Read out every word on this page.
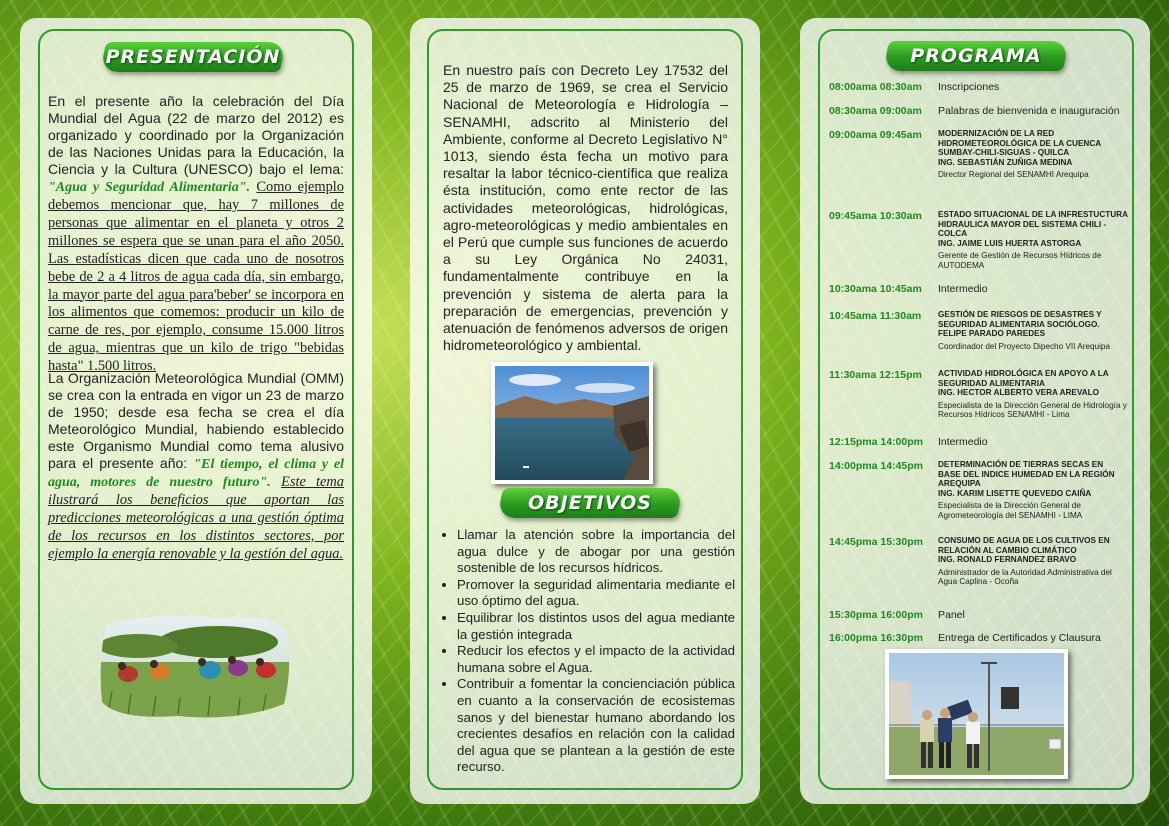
PRESENTACIÓN
En el presente año la celebración del Día Mundial del Agua (22 de marzo del 2012) es organizado y coordinado por la Organización de las Naciones Unidas para la Educación, la Ciencia y la Cultura (UNESCO) bajo el lema: "Agua y Seguridad Alimentaria". Como ejemplo debemos mencionar que, hay 7 millones de personas que alimentar en el planeta y otros 2 millones se espera que se unan para el año 2050. Las estadísticas dicen que cada uno de nosotros bebe de 2 a 4 litros de agua cada día, sin embargo, la mayor parte del agua para'beber' se incorpora en los alimentos que comemos: producir un kilo de carne de res, por ejemplo, consume 15.000 litros de agua, mientras que un kilo de trigo "bebidas hasta" 1.500 litros.
La Organización Meteorológica Mundial (OMM) se crea con la entrada en vigor un 23 de marzo de 1950; desde esa fecha se crea el día Meteorológico Mundial, habiendo establecido este Organismo Mundial como tema alusivo para el presente año: "El tiempo, el clima y el agua, motores de nuestro futuro". Este tema ilustrará los beneficios que aportan las predicciones meteorológicas a una gestión óptima de los recursos en los distintos sectores, por ejemplo la energía renovable y la gestión del agua.
En nuestro país con Decreto Ley 17532 del 25 de marzo de 1969, se crea el Servicio Nacional de Meteorología e Hidrología – SENAMHI, adscrito al Ministerio del Ambiente, conforme al Decreto Legislativo N° 1013, siendo ésta fecha un motivo para resaltar la labor técnico-científica que realiza ésta institución, como ente rector de las actividades meteorológicas, hidrológicas, agro-meteorológicas y medio ambientales en el Perú que cumple sus funciones de acuerdo a su Ley Orgánica No 24031, fundamentalmente contribuye en la prevención y sistema de alerta para la preparación de emergencias, prevención y atenuación de fenómenos adversos de origen hidrometeorológico y ambiental.
OBJETIVOS
• Llamar la atención sobre la importancia del agua dulce y de abogar por una gestión sostenible de los recursos hídricos.
• Promover la seguridad alimentaria mediante el uso óptimo del agua.
• Equilibrar los distintos usos del agua mediante la gestión integrada
• Reducir los efectos y el impacto de la actividad humana sobre el Agua.
• Contribuir a fomentar la concienciación pública en cuanto a la conservación de ecosistemas sanos y del bienestar humano abordando los crecientes desafíos en relación con la calidad del agua que se plantean a la gestión de este recurso.
PROGRAMA
08:00ama 08:30am Inscripciones
08:30ama 09:00am Palabras de bienvenida e inauguración
09:00ama 09:45am MODERNIZACIÓN DE LA RED HIDROMETEOROLÓGICA DE LA CUENCA SUMBAY-CHILI-SIGUAS - QUILCA
ING. SEBASTIÁN ZUÑIGA MEDINA
Director Regional del SENAMHI Arequipa
09:45ama 10:30am ESTADO SITUACIONAL DE LA INFRESTUCTURA HIDRAULICA MAYOR DEL SISTEMA CHILI - COLCA
ING. JAIME LUIS HUERTA ASTORGA
Gerente de Gestión de Recursos Hídricos de AUTODEMA
10:30ama 10:45am Intermedio
10:45ama 11:30am GESTIÓN DE RIESGOS DE DESASTRES Y SEGURIDAD ALIMENTARIA SOCIÓLOGO. FELIPE PARADO PAREDES
Coordinador del Proyecto Dipecho VII Arequipa
11:30ama 12:15pm ACTIVIDAD HIDROLÓGICA EN APOYO A LA SEGURIDAD ALIMENTARIA
ING. HECTOR ALBERTO VERA AREVALO
Especialista de la Dirección General de Hidrología y Recursos Hídricos SENAMHI - Lima
12:15pma 14:00pm Intermedio
14:00pma 14:45pm DETERMINACIÓN DE TIERRAS SECAS EN BASE DEL INDICE HUMEDAD EN LA REGIÓN AREQUIPA
ING. KARIM LISETTE QUEVEDO CAIÑA
Especialista de la Dirección General de Agrometeorología del SENAMHI - LIMA
14:45pma 15:30pm CONSUMO DE AGUA DE LOS CULTIVOS EN RELACIÓN AL CAMBIO CLIMÁTICO
ING. RONALD FERNANDEZ BRAVO
Administrador de la Autoridad Administrativa del Agua Caplina - Ocoña
15:30pma 16:00pm Panel
16:00pma 16:30pm Entrega de Certificados y Clausura
